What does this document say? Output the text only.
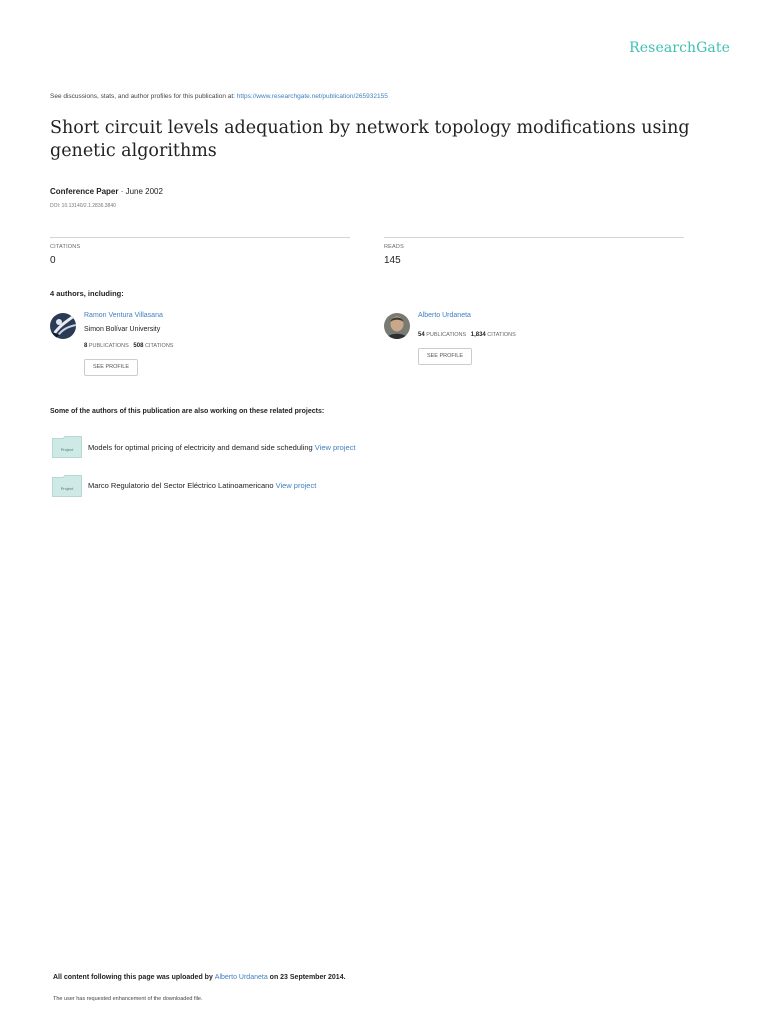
ResearchGate
See discussions, stats, and author profiles for this publication at: https://www.researchgate.net/publication/265932155
Short circuit levels adequation by network topology modifications using genetic algorithms
Conference Paper · June 2002
DOI: 10.13140/2.1.2836.3840
CITATIONS
0
READS
145
4 authors, including:
Ramon Ventura Villasana
Simon Bolívar University
8 PUBLICATIONS 508 CITATIONS
SEE PROFILE
Alberto Urdaneta
54 PUBLICATIONS 1,834 CITATIONS
SEE PROFILE
Some of the authors of this publication are also working on these related projects:
Project Models for optimal pricing of electricity and demand side scheduling View project
Project Marco Regulatorio del Sector Eléctrico Latinoamericano View project
All content following this page was uploaded by Alberto Urdaneta on 23 September 2014.
The user has requested enhancement of the downloaded file.
